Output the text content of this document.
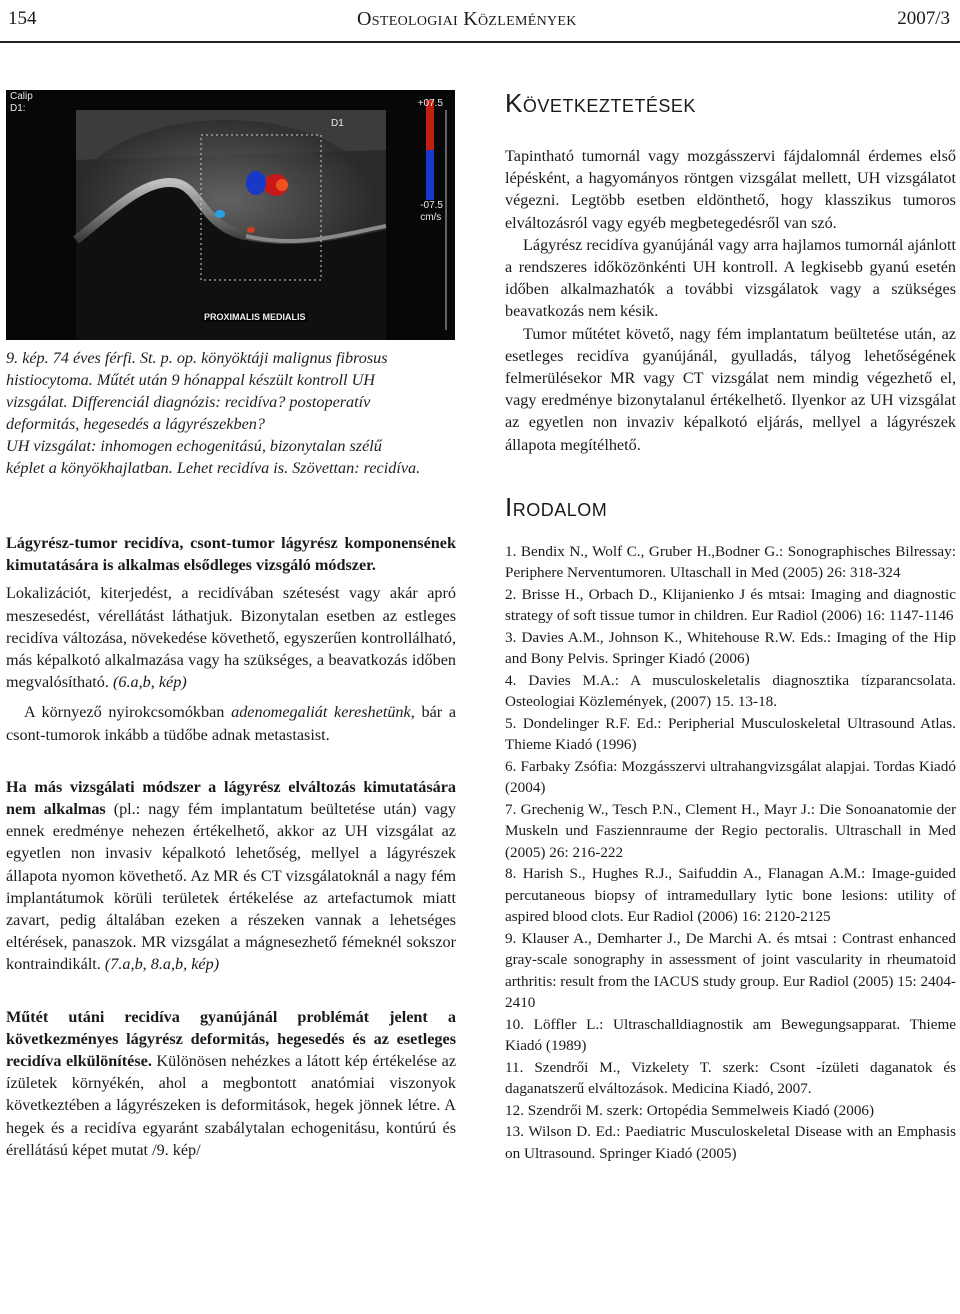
154	Osteologiai Közlemények	2007/3
Calip
D1:
D1
+07.5
-07.5
cm/s
PROXIMALIS MEDIALIS
9. kép. 74 éves férfi. St. p. op. könyöktáji malignus fibrosus
histiocytoma. Műtét után 9 hónappal készült kontroll UH
vizsgálat. Differenciál diagnózis: recidíva? postoperatív
deformitás, hegesedés a lágyrészekben?
UH vizsgálat: inhomogen echogenitású, bizonytalan szélű
képlet a könyökhajlatban. Lehet recidíva is. Szövettan: recidíva.

Lágyrész-tumor recidíva, csont-tumor lágyrész komponensének kimutatására is alkalmas elsődleges vizsgáló módszer.

Lokalizációt, kiterjedést, a recidívában szétesést vagy akár apró meszesedést, vérellátást láthatjuk. Bizonytalan esetben az estleges recidíva változása, növekedése követhető, egyszerűen kontrollálható, más képalkotó alkalmazása vagy ha szükséges, a beavatkozás időben megvalósítható. (6.a,b, kép)

A környező nyirokcsomókban adenomegaliát kereshetünk, bár a csont-tumorok inkább a tüdőbe adnak metastasist.

Ha más vizsgálati módszer a lágyrész elváltozás kimutatására nem alkalmas (pl.: nagy fém implantatum beültetése után) vagy ennek eredménye nehezen értékelhető, akkor az UH vizsgálat az egyetlen non invasiv képalkotó lehetőség, mellyel a lágyrészek állapota nyomon követhető. Az MR és CT vizsgálatoknál a nagy fém implantátumok körüli területek értékelése az artefactumok miatt zavart, pedig általában ezeken a részeken vannak a lehetséges eltérések, panaszok. MR vizsgálat a mágnesezhető fémeknél sokszor kontraindikált. (7.a,b, 8.a,b, kép)

Műtét utáni recidíva gyanújánál problémát jelent a következményes lágyrész deformitás, hegesedés és az esetleges recidíva elkülönítése. Különösen nehézkes a látott kép értékelése az ízületek környékén, ahol a megbontott anatómiai viszonyok következtében a lágyrészeken is deformitások, hegek jönnek létre. A hegek és a recidíva egyaránt szabálytalan echogenitásu, kontúrú és érellátású képet mutat /9. kép/

Következtetések

Tapintható tumornál vagy mozgásszervi fájdalomnál érdemes első lépésként, a hagyományos röntgen vizsgálat mellett, UH vizsgálatot végezni. Legtöbb esetben eldönthető, hogy klasszikus tumoros elváltozásról vagy egyéb megbetegedésről van szó.

Lágyrész recidíva gyanújánál vagy arra hajlamos tumornál ajánlott a rendszeres időközönkénti UH kontroll. A legkisebb gyanú esetén időben alkalmazhatók a további vizsgálatok vagy a szükséges beavatkozás nem késik.

Tumor műtétet követő, nagy fém implantatum beültetése után, az esetleges recidíva gyanújánál, gyulladás, tályog lehetőségének felmerülésekor MR vagy CT vizsgálat nem mindig végezhető el, vagy eredménye bizonytalanul értékelhető. Ilyenkor az UH vizsgálat az egyetlen non invaziv képalkotó eljárás, mellyel a lágyrészek állapota megítélhető.

Irodalom

1. Bendix N., Wolf C., Gruber H.,Bodner G.: Sonographisches Bilressay: Periphere Nerventumoren. Ultaschall in Med (2005) 26: 318-324

2. Brisse H., Orbach D., Klijanienko J és mtsai: Imaging and diagnostic strategy of soft tissue tumor in children. Eur Radiol (2006) 16: 1147-1146

3. Davies A.M., Johnson K., Whitehouse R.W. Eds.: Imaging of the Hip and Bony Pelvis. Springer Kiadó (2006)

4. Davies M.A.: A musculoskeletalis diagnosztika tízparancsolata. Osteologiai Közlemények, (2007) 15. 13-18.

5. Dondelinger R.F. Ed.: Peripherial Musculoskeletal Ultrasound Atlas. Thieme Kiadó (1996)

6. Farbaky Zsófia: Mozgásszervi ultrahangvizsgálat alapjai. Tordas Kiadó (2004)

7. Grechenig W., Tesch P.N., Clement H., Mayr J.: Die Sonoanatomie der Muskeln und Fasziennraume der Regio pectoralis. Ultraschall in Med (2005) 26: 216-222

8. Harish S., Hughes R.J., Saifuddin A., Flanagan A.M.: Image-guided percutaneous biopsy of intramedullary lytic bone lesions: utility of aspired blood clots. Eur Radiol (2006) 16: 2120-2125

9. Klauser A., Demharter J., De Marchi A. és mtsai : Contrast enhanced gray-scale sonography in assessment of joint vascularity in rheumatoid arthritis: result from the IACUS study group. Eur Radiol (2005) 15: 2404-2410

10. Löffler L.: Ultraschalldiagnostik am Bewegungsapparat. Thieme Kiadó (1989)

11. Szendrői M., Vizkelety T. szerk: Csont -ízületi daganatok és daganatszerű elváltozások. Medicina Kiadó, 2007.

12. Szendrői M. szerk: Ortopédia Semmelweis Kiadó (2006)

13. Wilson D. Ed.: Paediatric Musculoskeletal Disease with an Emphasis on Ultrasound. Springer Kiadó (2005)
